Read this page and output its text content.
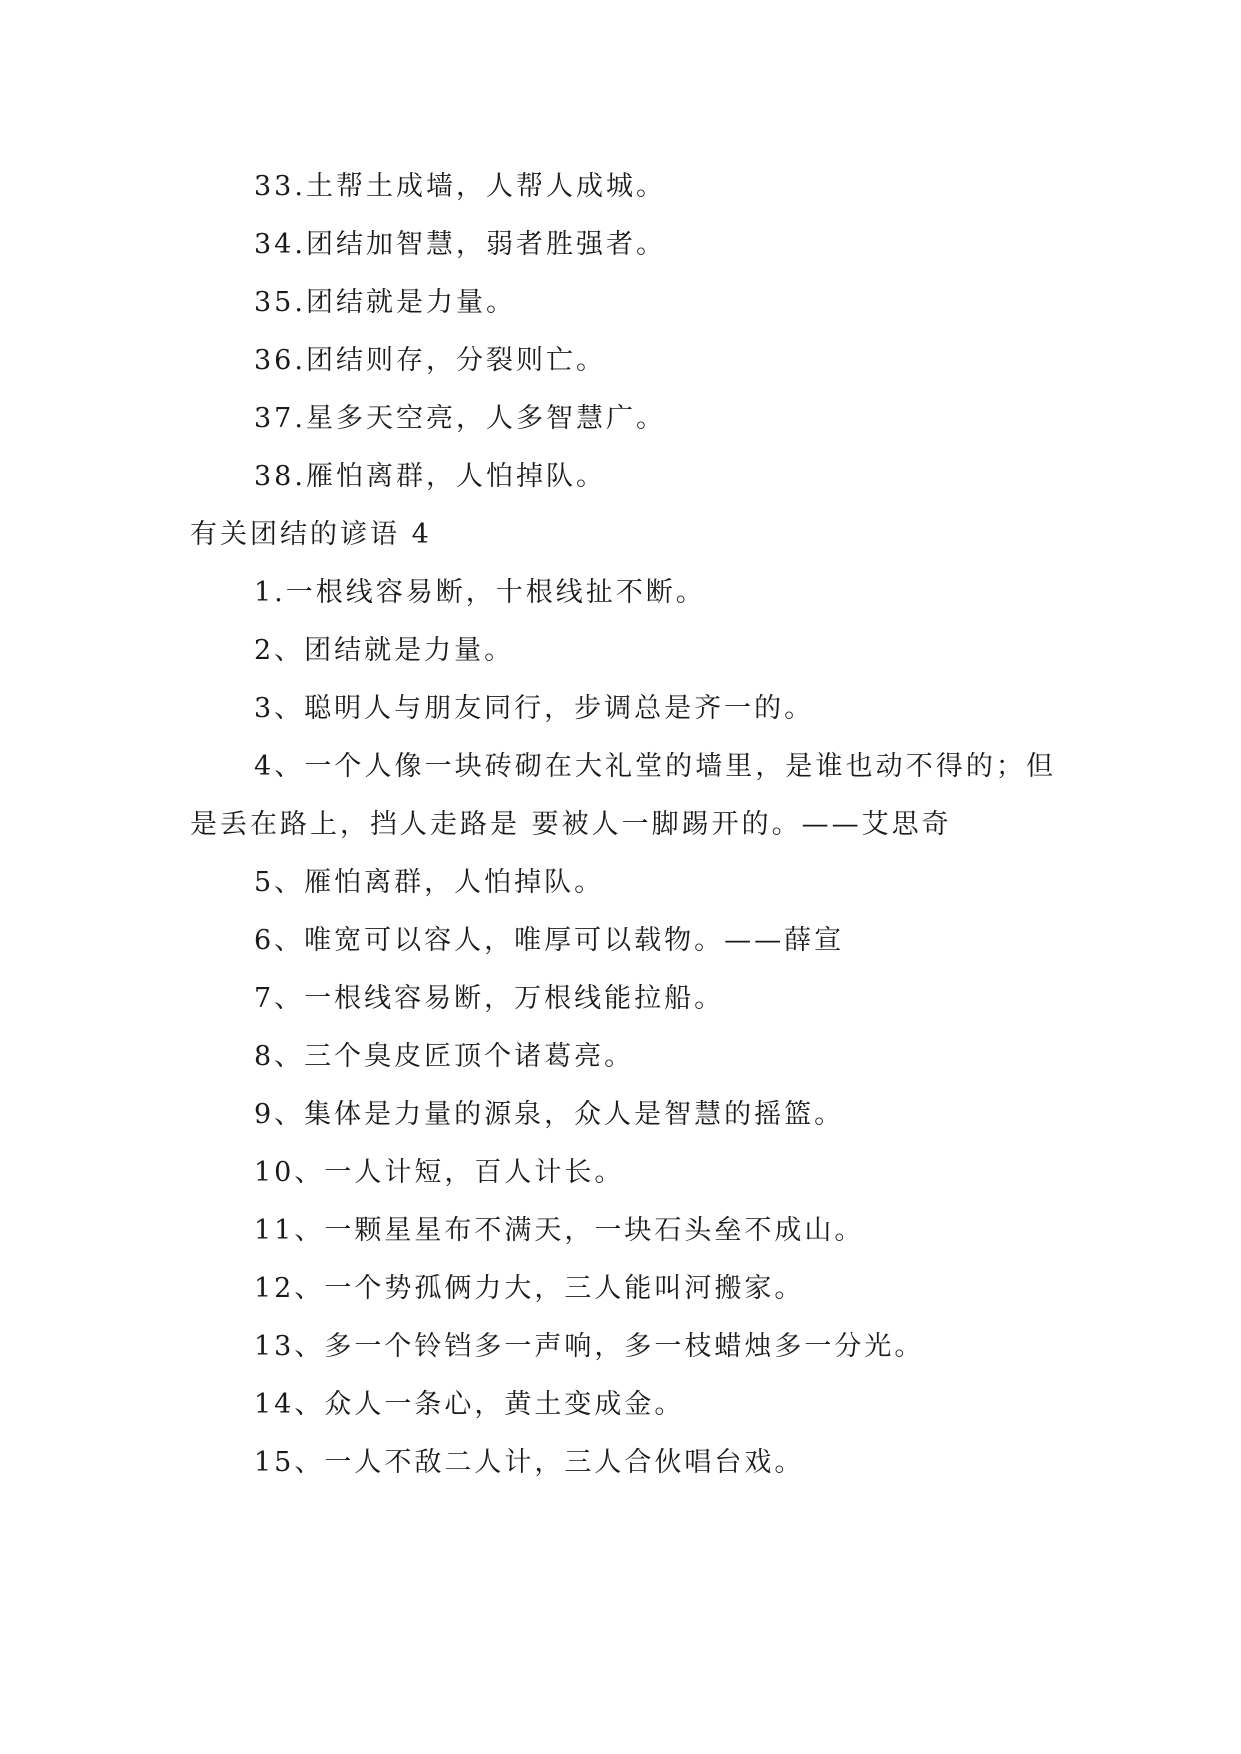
33.土帮土成墙，人帮人成城。

34.团结加智慧，弱者胜强者。

35.团结就是力量。

36.团结则存，分裂则亡。

37.星多天空亮，人多智慧广。

38.雁怕离群，人怕掉队。

有关团结的谚语 4

1.一根线容易断，十根线扯不断。

2、团结就是力量。

3、聪明人与朋友同行，步调总是齐一的。

4、一个人像一块砖砌在大礼堂的墙里，是谁也动不得的；但是丢在路上，挡人走路是 要被人一脚踢开的。——艾思奇

5、雁怕离群，人怕掉队。

6、唯宽可以容人，唯厚可以载物。——薛宣

7、一根线容易断，万根线能拉船。

8、三个臭皮匠顶个诸葛亮。

9、集体是力量的源泉，众人是智慧的摇篮。

10、一人计短，百人计长。

11、一颗星星布不满天，一块石头垒不成山。

12、一个势孤俩力大，三人能叫河搬家。

13、多一个铃铛多一声响，多一枝蜡烛多一分光。

14、众人一条心，黄土变成金。

15、一人不敌二人计，三人合伙唱台戏。
